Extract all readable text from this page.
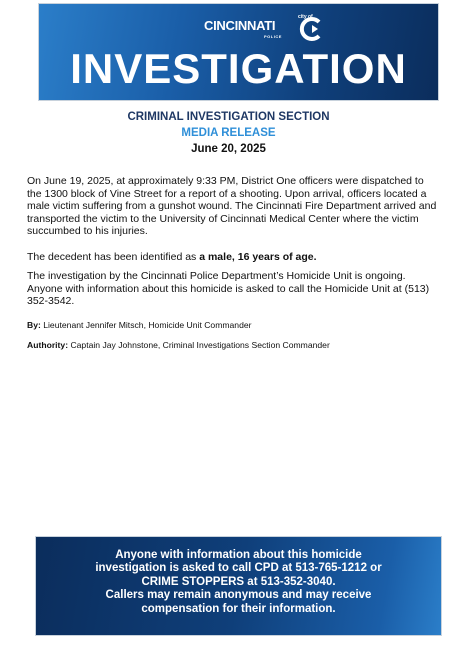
city of
CINCINNATI
POLICE
INVESTIGATION
CRIMINAL INVESTIGATION SECTION
MEDIA RELEASE
June 20, 2025
On June 19, 2025, at approximately 9:33 PM, District One officers were dispatched to the 1300 block of Vine Street for a report of a shooting. Upon arrival, officers located a male victim suffering from a gunshot wound. The Cincinnati Fire Department arrived and transported the victim to the University of Cincinnati Medical Center where the victim succumbed to his injuries.
The decedent has been identified as a male, 16 years of age.
The investigation by the Cincinnati Police Department’s Homicide Unit is ongoing. Anyone with information about this homicide is asked to call the Homicide Unit at (513) 352-3542.
By: Lieutenant Jennifer Mitsch, Homicide Unit Commander
Authority: Captain Jay Johnstone, Criminal Investigations Section Commander
Anyone with information about this homicide
investigation is asked to call CPD at 513-765-1212 or
CRIME STOPPERS at 513-352-3040.
Callers may remain anonymous and may receive
compensation for their information.
